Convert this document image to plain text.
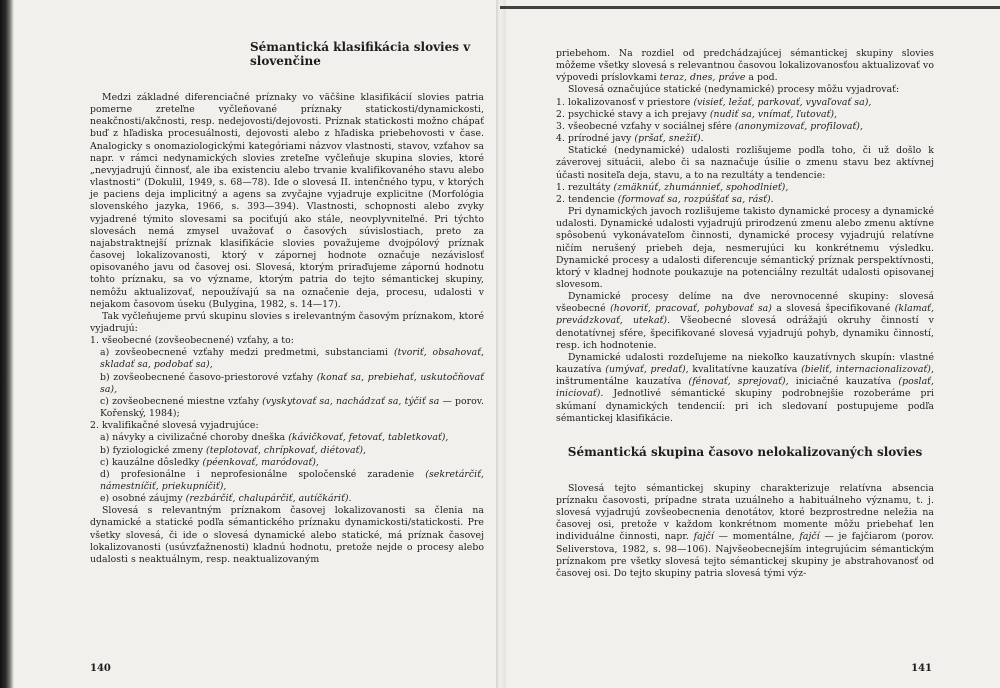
Sémantická klasifikácia slovies v slovenčine

Medzi základné diferenciačné príznaky vo väčšine klasifikácií slovies patria pomerne zreteľne vyčleňované príznaky statickosti/dynamickosti, neakčnosti/akčnosti, resp. nedejovosti/dejovosti. Príznak statickosti možno chápať buď z hľadiska procesuálnosti, dejovosti alebo z hľadiska priebehovosti v čase. Analogicky s onomaziologickými kategóriami názvov vlastnosti, stavov, vzťahov sa napr. v rámci nedynamických slovies zreteľne vyčleňuje skupina slovies, ktoré „nevyjadrujú činnosť, ale iba existenciu alebo trvanie kvalifikovaného stavu alebo vlastnosti“ (Dokulil, 1949, s. 68—78). Ide o slovesá II. intenčného typu, v ktorých je paciens deja implicitný a agens sa zvyčajne vyjadruje explicitne (Morfológia slovenského jazyka, 1966, s. 393—394). Vlastnosti, schopnosti alebo zvyky vyjadrené týmito slovesami sa pociťujú ako stále, neovplyvniteľné. Pri týchto slovesách nemá zmysel uvažovať o časových súvislostiach, preto za najabstraktnejší príznak klasifikácie slovies považujeme dvojpólový príznak časovej lokalizovanosti, ktorý v zápornej hodnote označuje nezávislosť opisovaného javu od časovej osi. Slovesá, ktorým priraďujeme zápornú hodnotu tohto príznaku, sa vo význame, ktorým patria do tejto sémantickej skupiny, nemôžu aktualizovať, nepoužívajú sa na označenie deja, procesu, udalosti v nejakom časovom úseku (Bulygina, 1982, s. 14—17).

Tak vyčleňujeme prvú skupinu slovies s irelevantným časovým príznakom, ktoré vyjadrujú:

1. všeobecné (zovšeobecnené) vzťahy, a to:

a) zovšeobecnené vzťahy medzi predmetmi, substanciami (tvoriť, obsahovať, skladať sa, podobať sa),

b) zovšeobecnené časovo-priestorové vzťahy (konať sa, prebiehať, uskutočňovať sa),

c) zovšeobecnené miestne vzťahy (vyskytovať sa, nachádzať sa, týčiť sa — porov. Kořenský, 1984);

2. kvalifikačné slovesá vyjadrujúce:

a) návyky a civilizačné choroby dneška (kávičkovať, fetovať, tabletkovať),

b) fyziologické zmeny (teplotovať, chrípkovať, diétovať),

c) kauzálne dôsledky (péenkovať, maródovať),

d) profesionálne i neprofesionálne spoločenské zaradenie (sekretárčiť, námestníčiť, priekupníčiť),

e) osobné záujmy (rezbárčiť, chalupárčiť, autíčkáriť).

Slovesá s relevantným príznakom časovej lokalizovanosti sa členia na dynamické a statické podľa sémantického príznaku dynamickosti/statickosti. Pre všetky slovesá, či ide o slovesá dynamické alebo statické, má príznak časovej lokalizovanosti (usúvzťažnenosti) kladnú hodnotu, pretože nejde o procesy alebo udalosti s neaktuálnym, resp. neaktualizovaným

140

priebehom. Na rozdiel od predchádzajúcej sémantickej skupiny slovies môžeme všetky slovesá s relevantnou časovou lokalizovanosťou aktualizovať vo výpovedi príslovkami teraz, dnes, práve a pod.

Slovesá označujúce statické (nedynamické) procesy môžu vyjadrovať:

1. lokalizovanosť v priestore (visieť, ležať, parkovať, vyvaľovať sa),

2. psychické stavy a ich prejavy (nudiť sa, vnímať, ľutovať),

3. všeobecné vzťahy v sociálnej sfére (anonymizovať, profilovať),

4. prírodné javy (pršať, snežiť).

Statické (nedynamické) udalosti rozlišujeme podľa toho, či už došlo k záverovej situácii, alebo či sa naznačuje úsilie o zmenu stavu bez aktívnej účasti nositeľa deja, stavu, a to na rezultáty a tendencie:

1. rezultáty (zmäknúť, zhumánnieť, spohodlnieť),

2. tendencie (formovať sa, rozpúšťať sa, rásť).

Pri dynamických javoch rozlišujeme takisto dynamické procesy a dynamické udalosti. Dynamické udalosti vyjadrujú prirodzenú zmenu alebo zmenu aktívne spôsobenú vykonávateľom činnosti, dynamické procesy vyjadrujú relatívne ničím nerušený priebeh deja, nesmerujúci ku konkrétnemu výsledku. Dynamické procesy a udalosti diferencuje sémantický príznak perspektívnosti, ktorý v kladnej hodnote poukazuje na potenciálny rezultát udalosti opisovanej slovesom.

Dynamické procesy delíme na dve nerovnocenné skupiny: slovesá všeobecné (hovoriť, pracovať, pohybovať sa) a slovesá špecifikované (klamať, prevádzkovať, utekať). Všeobecné slovesá odrážajú okruhy činností v denotatívnej sfére, špecifikované slovesá vyjadrujú pohyb, dynamiku činností, resp. ich hodnotenie.

Dynamické udalosti rozdeľujeme na niekoľko kauzatívnych skupín: vlastné kauzatíva (umývať, predať), kvalitatívne kauzatíva (bieliť, internacionalizovať), inštrumentálne kauzatíva (fénovať, sprejovať), iniciačné kauzatíva (poslať, iniciovať). Jednotlivé sémantické skupiny podrobnejšie rozoberáme pri skúmaní dynamických tendencií: pri ich sledovaní postupujeme podľa sémantickej klasifikácie.

Sémantická skupina časovo nelokalizovaných slovies

Slovesá tejto sémantickej skupiny charakterizuje relatívna absencia príznaku časovosti, prípadne strata uzuálneho a habituálneho významu, t. j. slovesá vyjadrujú zovšeobecnenia denotátov, ktoré bezprostredne neležia na časovej osi, pretože v každom konkrétnom momente môžu priebehať len individuálne činnosti, napr. fajčí — momentálne, fajčí — je fajčiarom (porov. Seliverstova, 1982, s. 98—106). Najvšeobecnejším integrujúcim sémantickým príznakom pre všetky slovesá tejto sémantickej skupiny je abstrahovanosť od časovej osi. Do tejto skupiny patria slovesá tými výz-

141
